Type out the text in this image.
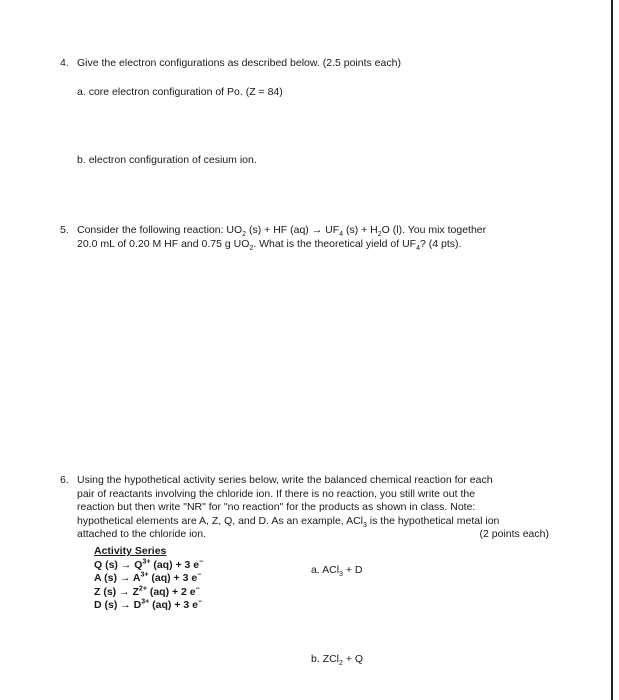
4. Give the electron configurations as described below. (2.5 points each)
a. core electron configuration of Po. (Z = 84)
b. electron configuration of cesium ion.
5. Consider the following reaction: $UO_2$ (s) + HF $(aq) \to UF_4$ $(s) + H_2O$ (l). You mix together
20.0 mL of 0.20 M HF and 0.75 g $UO_2$. What is the theoretical yield of $UF_4$? (4 pts).
6. Using the hypothetical activity series below, write the balanced chemical reaction for each
pair of reactants involving the chloride ion. If there is no reaction, you still write out the
reaction but then write "NR" for "no reaction" for the products as shown in class. Note:
hypothetical elements are A, Z, Q, and D. As an example, ACl$_3$ is the hypothetical metal ion
attached to the chloride ion.	(2 points each)
Activity Series
Q $(s) \to Q^{3+}$ (aq) + 3 e−
A $(s) \to A^{3+}$ (aq) + 3 e−
Z $(s) \to Z^{2+}$ (aq) + 2 e−
D $(s) \to D^{3+}$ (aq) + 3 e−
a. ACl$_3$ + D
b. ZCl$_2$ + Q
